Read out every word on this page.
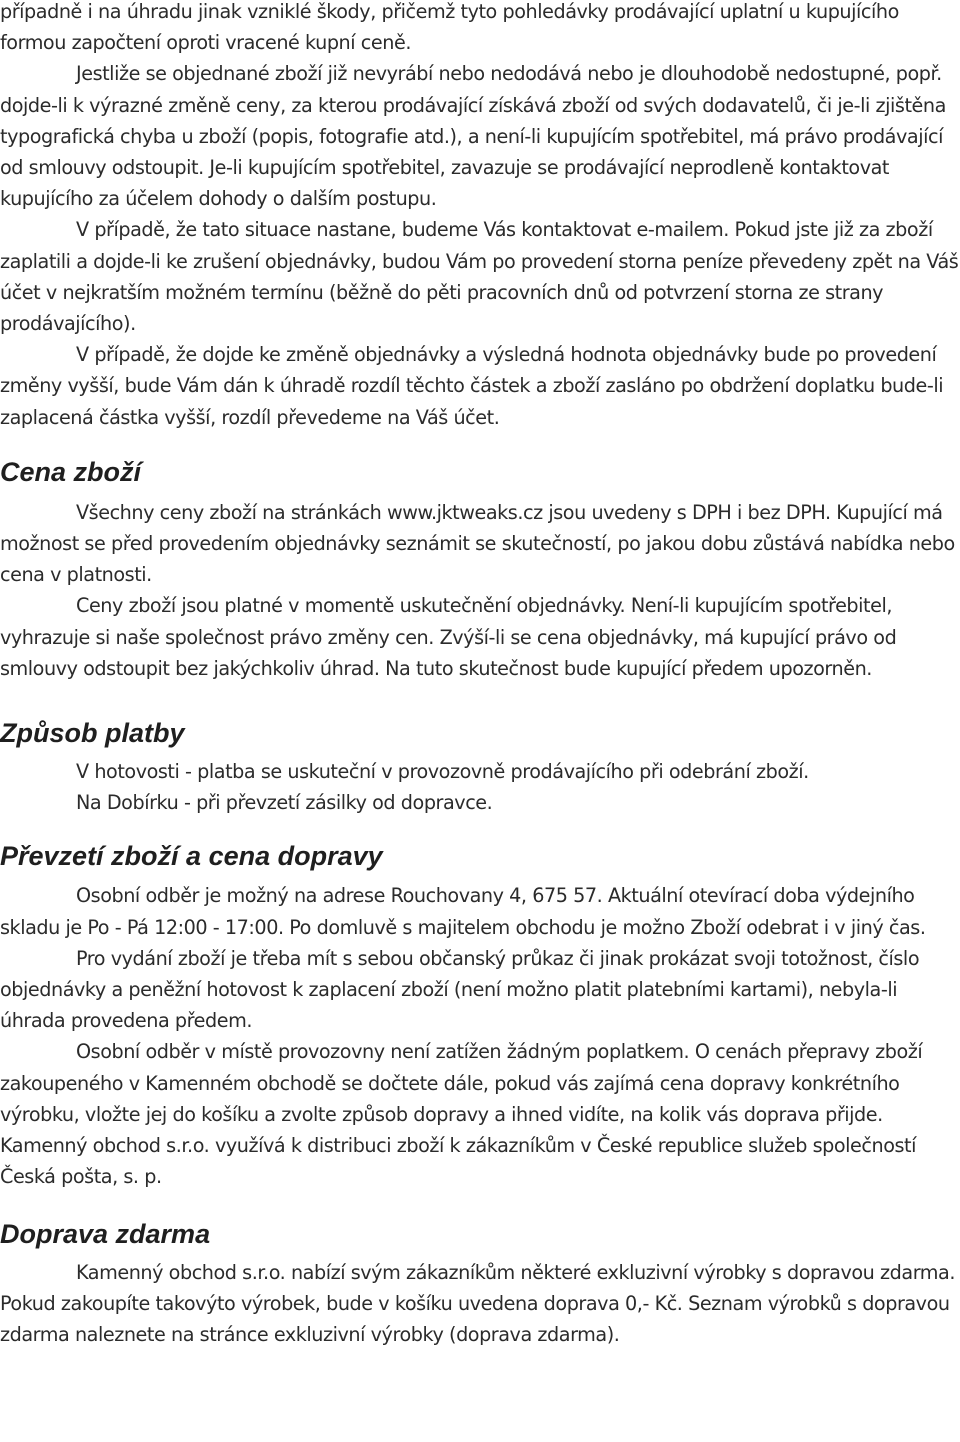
případně i na úhradu jinak vzniklé škody, přičemž tyto pohledávky prodávající uplatní u kupujícího formou započtení oproti vracené kupní ceně.

Jestliže se objednané zboží již nevyrábí nebo nedodává nebo je dlouhodobě nedostupné, popř. dojde-li k výrazné změně ceny, za kterou prodávající získává zboží od svých dodavatelů, či je-li zjištěna typografická chyba u zboží (popis, fotografie atd.), a není-li kupujícím spotřebitel, má právo prodávající od smlouvy odstoupit. Je-li kupujícím spotřebitel, zavazuje se prodávající neprodleně kontaktovat kupujícího za účelem dohody o dalším postupu.

V případě, že tato situace nastane, budeme Vás kontaktovat e-mailem. Pokud jste již za zboží zaplatili a dojde-li ke zrušení objednávky, budou Vám po provedení storna peníze převedeny zpět na Váš účet v nejkratším možném termínu (běžně do pěti pracovních dnů od potvrzení storna ze strany prodávajícího).

V případě, že dojde ke změně objednávky a výsledná hodnota objednávky bude po provedení změny vyšší, bude Vám dán k úhradě rozdíl těchto částek a zboží zasláno po obdržení doplatku bude-li zaplacená částka vyšší, rozdíl převedeme na Váš účet.

Cena zboží

Všechny ceny zboží na stránkách www.jktweaks.cz jsou uvedeny s DPH i bez DPH. Kupující má možnost se před provedením objednávky seznámit se skutečností, po jakou dobu zůstává nabídka nebo cena v platnosti.

Ceny zboží jsou platné v momentě uskutečnění objednávky. Není-li kupujícím spotřebitel, vyhrazuje si naše společnost právo změny cen. Zvýší-li se cena objednávky, má kupující právo od smlouvy odstoupit bez jakýchkoliv úhrad. Na tuto skutečnost bude kupující předem upozorněn.

Způsob platby

V hotovosti - platba se uskuteční v provozovně prodávajícího při odebrání zboží.

Na Dobírku - při převzetí zásilky od dopravce.

Převzetí zboží a cena dopravy

Osobní odběr je možný na adrese Rouchovany 4, 675 57. Aktuální otevírací doba výdejního skladu je Po - Pá 12:00 - 17:00. Po domluvě s majitelem obchodu je možno Zboží odebrat i v jiný čas.

Pro vydání zboží je třeba mít s sebou občanský průkaz či jinak prokázat svoji totožnost, číslo objednávky a peněžní hotovost k zaplacení zboží (není možno platit platebními kartami), nebyla-li úhrada provedena předem.

Osobní odběr v místě provozovny není zatížen žádným poplatkem. O cenách přepravy zboží zakoupeného v Kamenném obchodě se dočtete dále, pokud vás zajímá cena dopravy konkrétního výrobku, vložte jej do košíku a zvolte způsob dopravy a ihned vidíte, na kolik vás doprava přijde. Kamenný obchod s.r.o. využívá k distribuci zboží k zákazníkům v České republice služeb společností Česká pošta, s. p.

Doprava zdarma

Kamenný obchod s.r.o. nabízí svým zákazníkům některé exkluzivní výrobky s dopravou zdarma. Pokud zakoupíte takovýto výrobek, bude v košíku uvedena doprava 0,- Kč. Seznam výrobků s dopravou zdarma naleznete na stránce exkluzivní výrobky (doprava zdarma).
